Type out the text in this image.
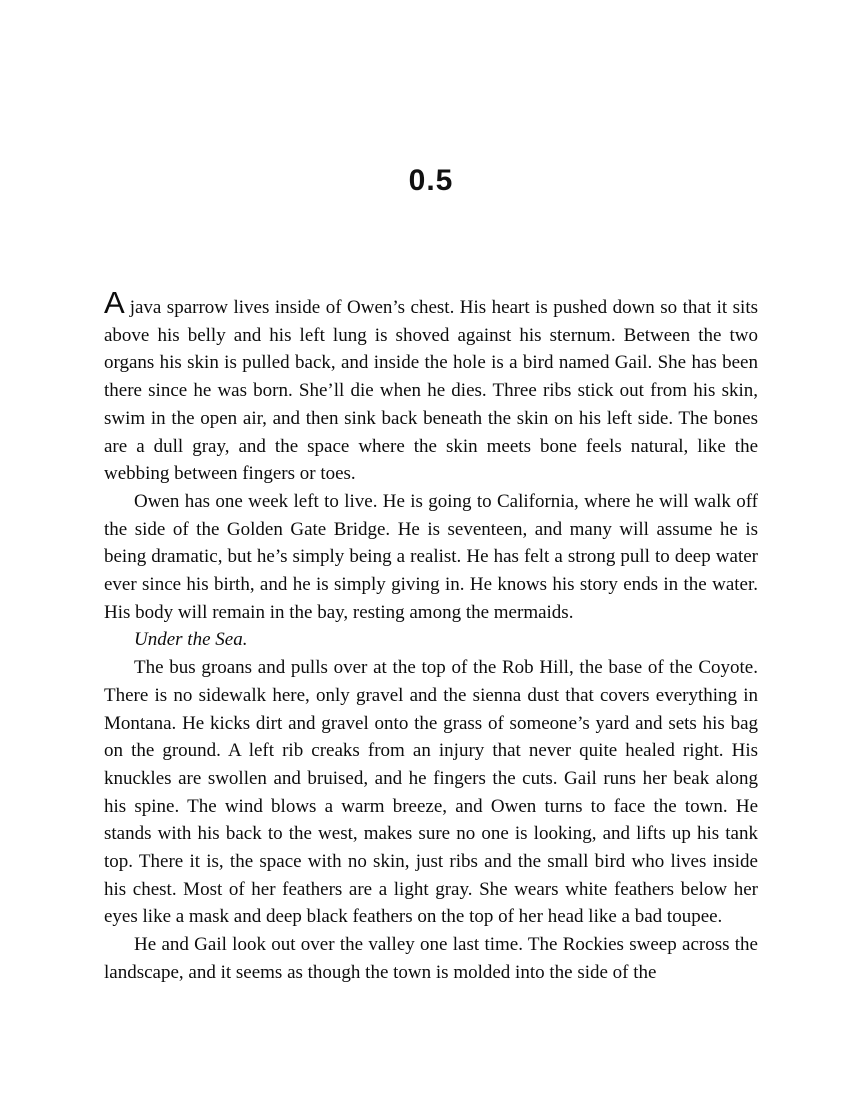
0.5

Ajava sparrow lives inside of Owen’s chest. His heart is pushed down so that it sits above his belly and his left lung is shoved against his sternum. Between the two organs his skin is pulled back, and inside the hole is a bird named Gail. She has been there since he was born. She’ll die when he dies. Three ribs stick out from his skin, swim in the open air, and then sink back beneath the skin on his left side. The bones are a dull gray, and the space where the skin meets bone feels natural, like the webbing between fingers or toes.

Owen has one week left to live. He is going to California, where he will walk off the side of the Golden Gate Bridge. He is seventeen, and many will assume he is being dramatic, but he’s simply being a realist. He has felt a strong pull to deep water ever since his birth, and he is simply giving in. He knows his story ends in the water. His body will remain in the bay, resting among the mermaids.

Under the Sea.

The bus groans and pulls over at the top of the Rob Hill, the base of the Coyote. There is no sidewalk here, only gravel and the sienna dust that covers everything in Montana. He kicks dirt and gravel onto the grass of someone’s yard and sets his bag on the ground. A left rib creaks from an injury that never quite healed right. His knuckles are swollen and bruised, and he fingers the cuts. Gail runs her beak along his spine. The wind blows a warm breeze, and Owen turns to face the town. He stands with his back to the west, makes sure no one is looking, and lifts up his tank top. There it is, the space with no skin, just ribs and the small bird who lives inside his chest. Most of her feathers are a light gray. She wears white feathers below her eyes like a mask and deep black feathers on the top of her head like a bad toupee.

He and Gail look out over the valley one last time. The Rockies sweep across the landscape, and it seems as though the town is molded into the side of the
